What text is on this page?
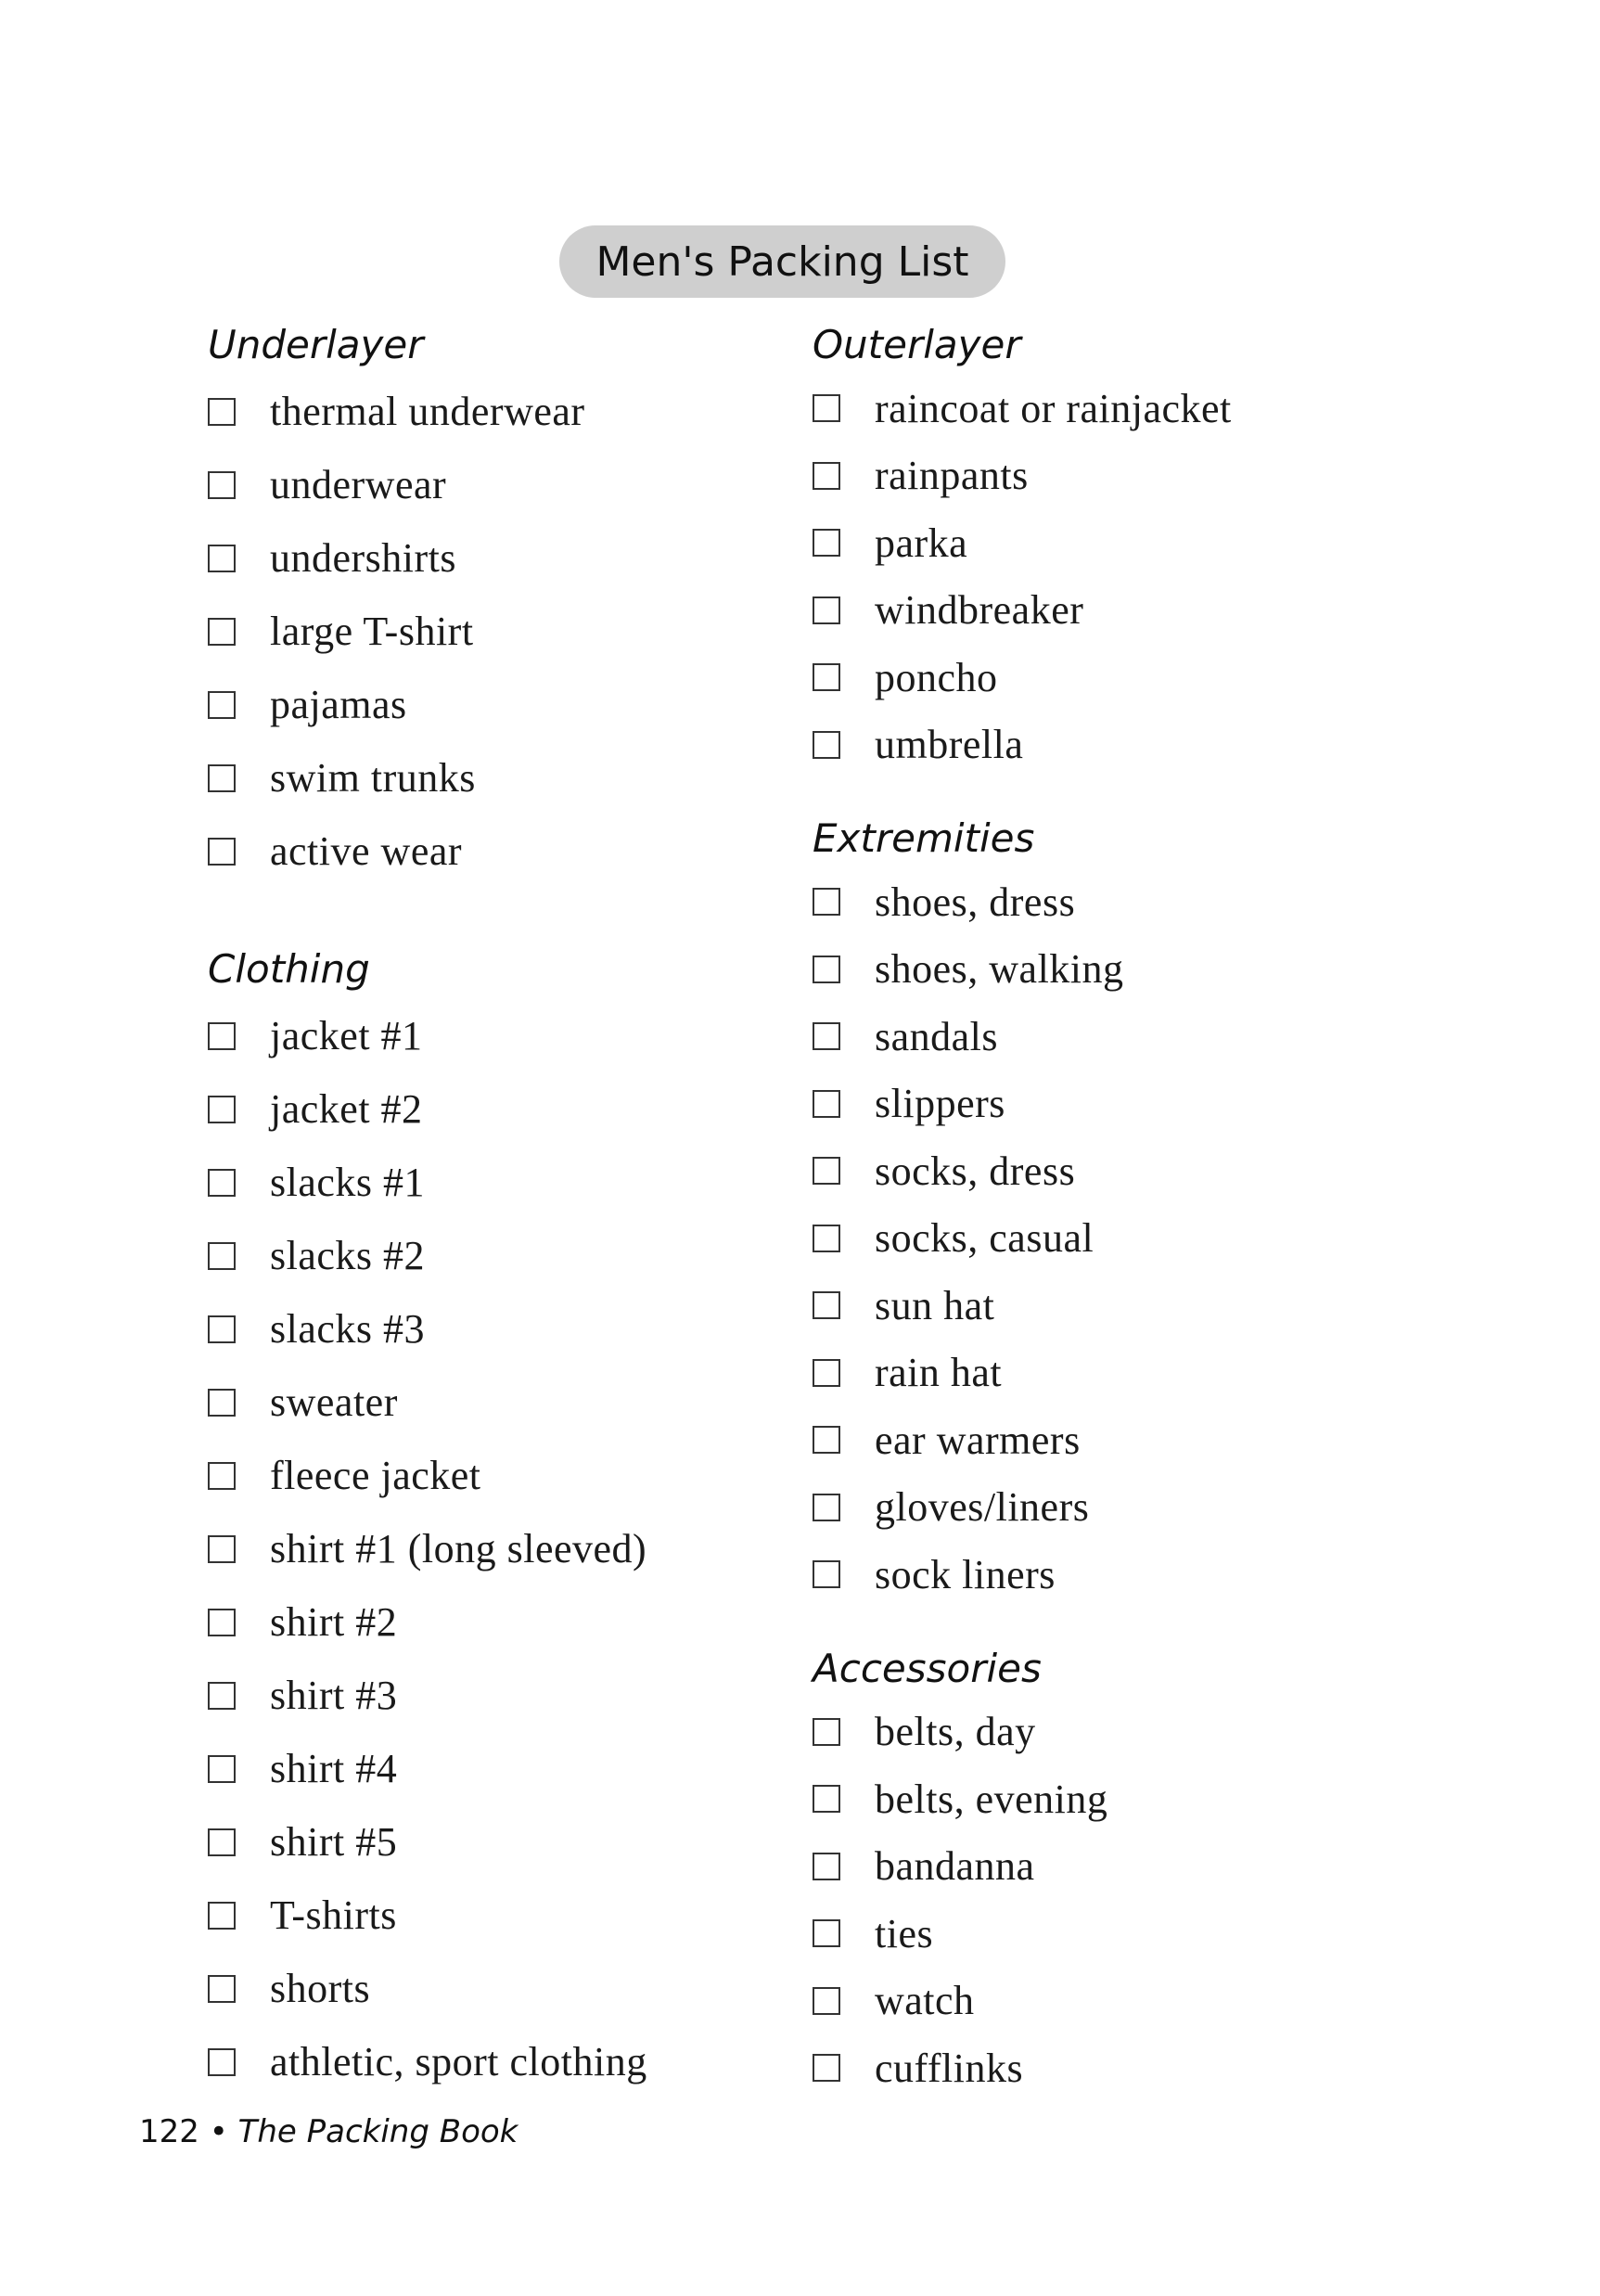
Men's Packing List
Underlayer
thermal underwear
underwear
undershirts
large T-shirt
pajamas
swim trunks
active wear
Clothing
jacket #1
jacket #2
slacks #1
slacks #2
slacks #3
sweater
fleece jacket
shirt #1 (long sleeved)
shirt #2
shirt #3
shirt #4
shirt #5
T-shirts
shorts
athletic, sport clothing
Outerlayer
raincoat or rainjacket
rainpants
parka
windbreaker
poncho
umbrella
Extremities
shoes, dress
shoes, walking
sandals
slippers
socks, dress
socks, casual
sun hat
rain hat
ear warmers
gloves/liners
sock liners
Accessories
belts, day
belts, evening
bandanna
ties
watch
cufflinks
122 • The Packing Book
